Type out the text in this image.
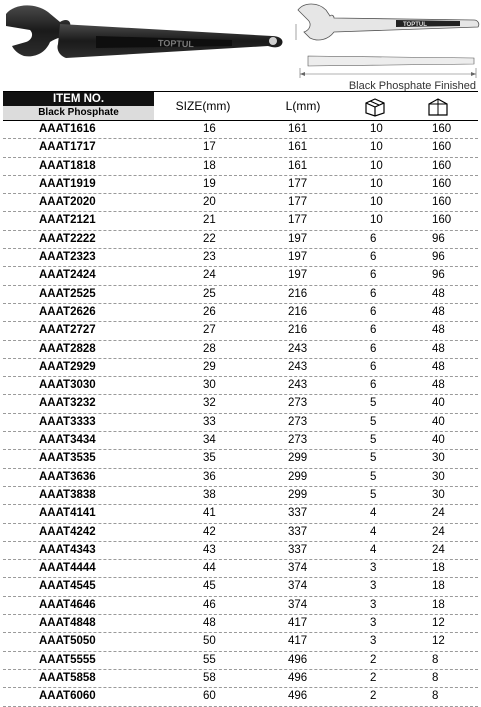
TOPTUL
TOPTUL
Black Phosphate Finished
ITEM NO.
Black Phosphate	SIZE(mm)	L(mm)
AAAT1616	16	161	10	160
AAAT1717	17	161	10	160
AAAT1818	18	161	10	160
AAAT1919	19	177	10	160
AAAT2020	20	177	10	160
AAAT2121	21	177	10	160
AAAT2222	22	197	6	96
AAAT2323	23	197	6	96
AAAT2424	24	197	6	96
AAAT2525	25	216	6	48
AAAT2626	26	216	6	48
AAAT2727	27	216	6	48
AAAT2828	28	243	6	48
AAAT2929	29	243	6	48
AAAT3030	30	243	6	48
AAAT3232	32	273	5	40
AAAT3333	33	273	5	40
AAAT3434	34	273	5	40
AAAT3535	35	299	5	30
AAAT3636	36	299	5	30
AAAT3838	38	299	5	30
AAAT4141	41	337	4	24
AAAT4242	42	337	4	24
AAAT4343	43	337	4	24
AAAT4444	44	374	3	18
AAAT4545	45	374	3	18
AAAT4646	46	374	3	18
AAAT4848	48	417	3	12
AAAT5050	50	417	3	12
AAAT5555	55	496	2	8
AAAT5858	58	496	2	8
AAAT6060	60	496	2	8
